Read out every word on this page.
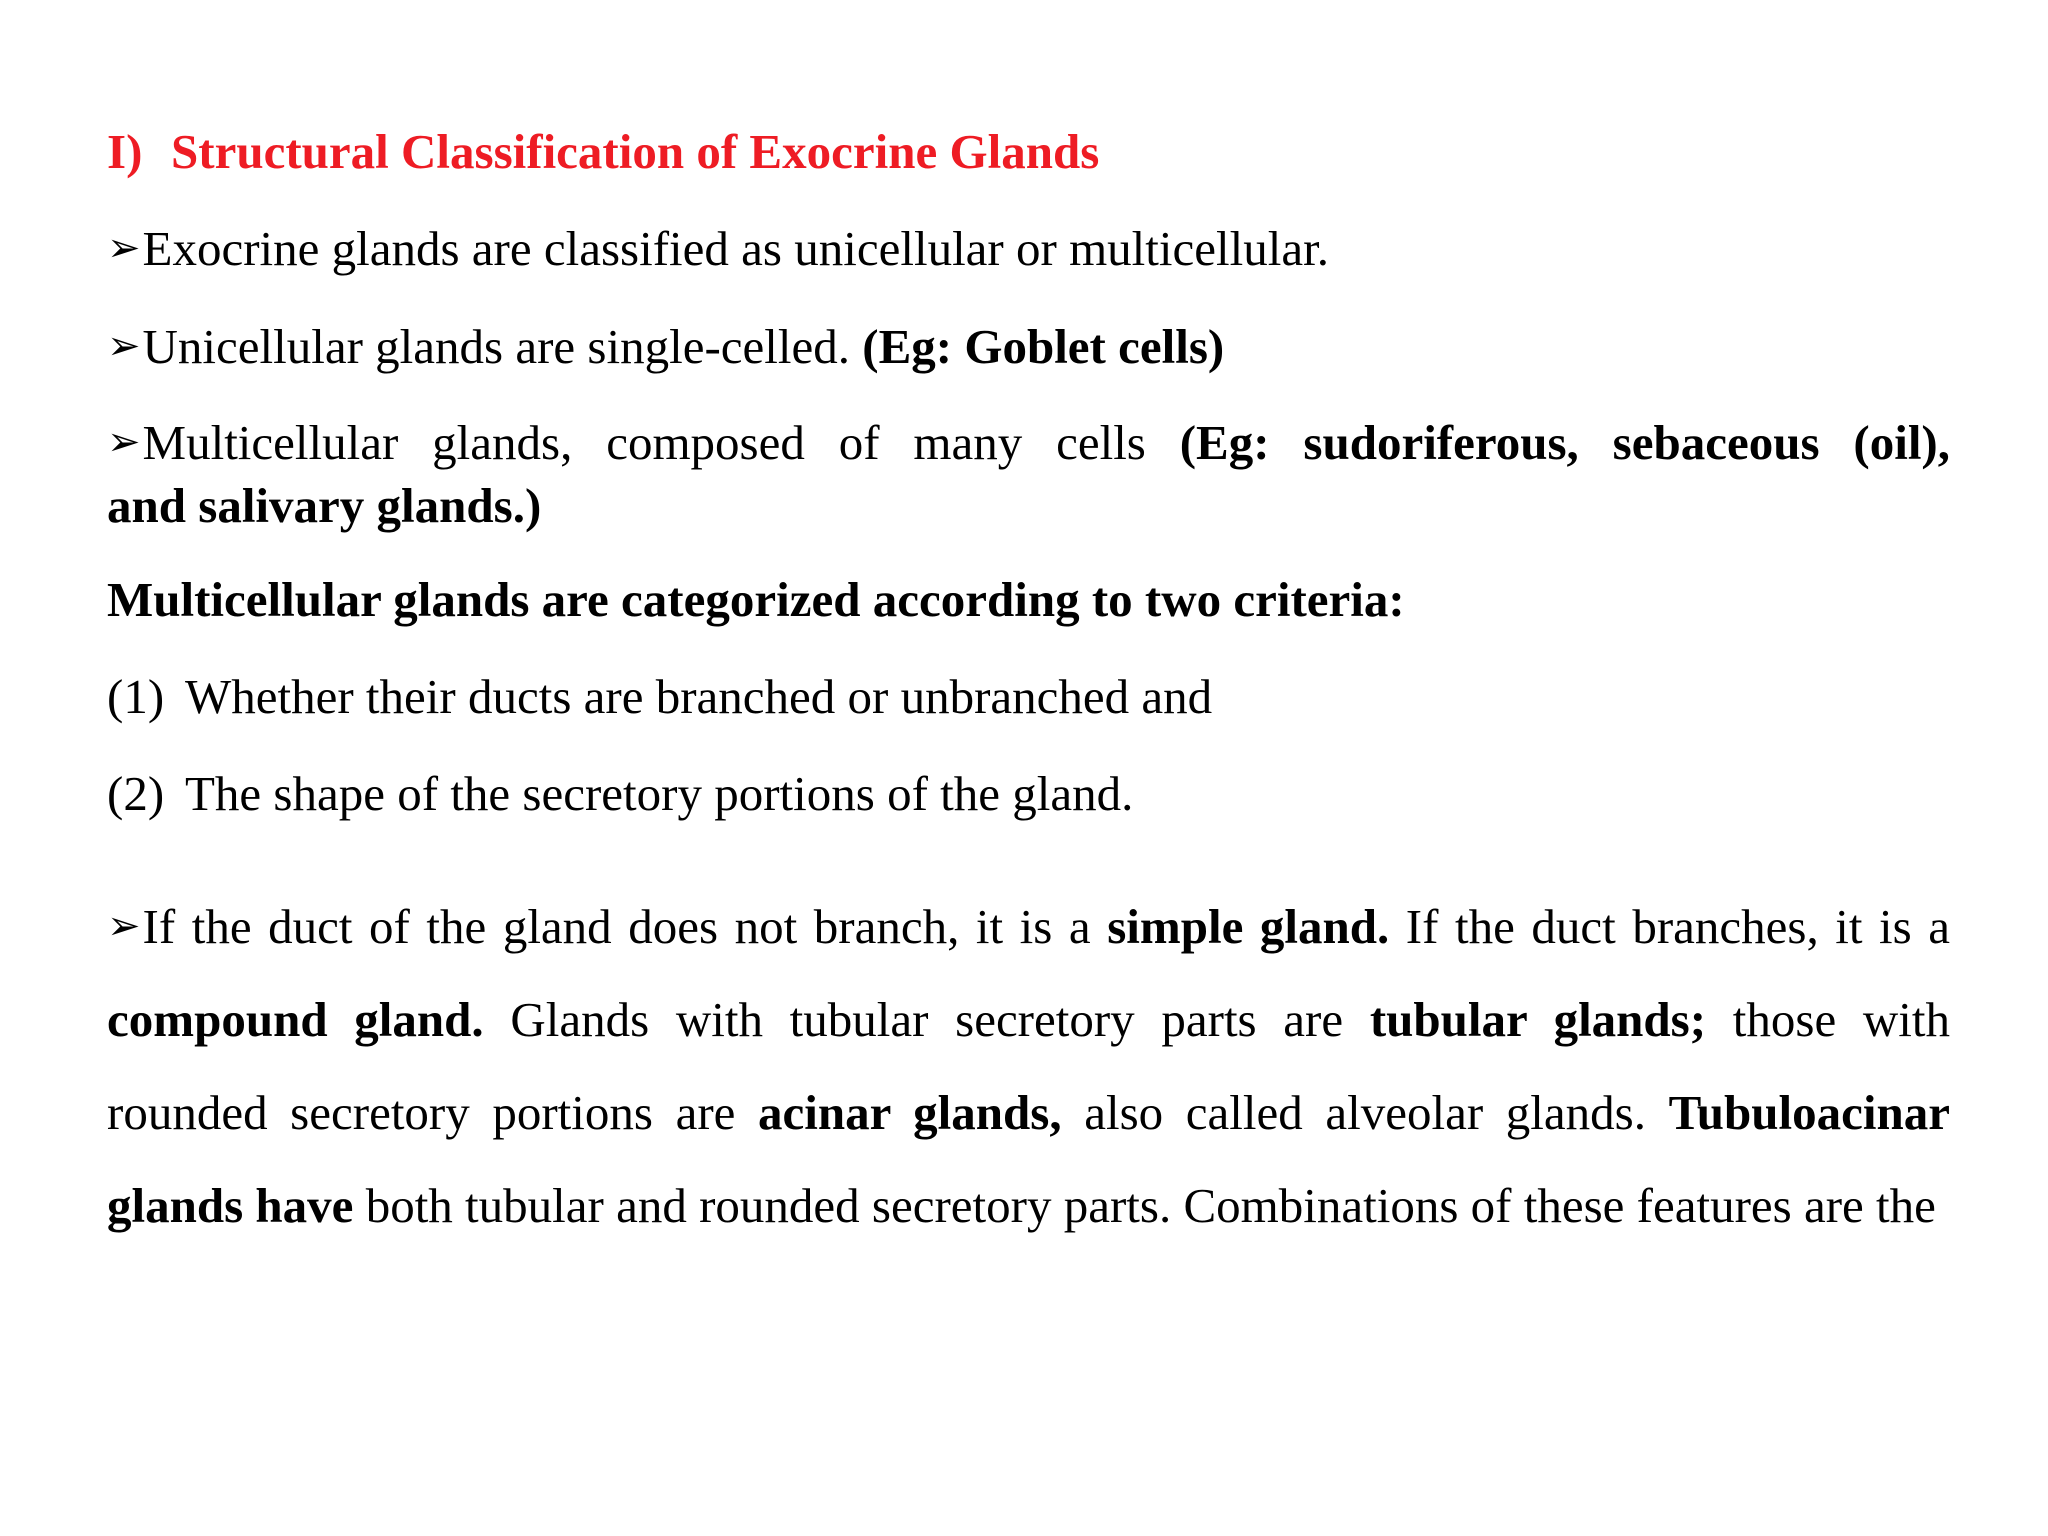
I) Structural Classification of Exocrine Glands
➢Exocrine glands are classified as unicellular or multicellular.
➢Unicellular glands are single-celled. (Eg: Goblet cells)
➢Multicellular glands, composed of many cells (Eg: sudoriferous, sebaceous (oil),
and salivary glands.)
Multicellular glands are categorized according to two criteria:
(1) Whether their ducts are branched or unbranched and
(2) The shape of the secretory portions of the gland.
➢If the duct of the gland does not branch, it is a simple gland. If the duct branches, it is a compound gland. Glands with tubular secretory parts are tubular glands; those with rounded secretory portions are acinar glands, also called alveolar glands. Tubuloacinar glands have both tubular and rounded secretory parts. Combinations of these features are the
